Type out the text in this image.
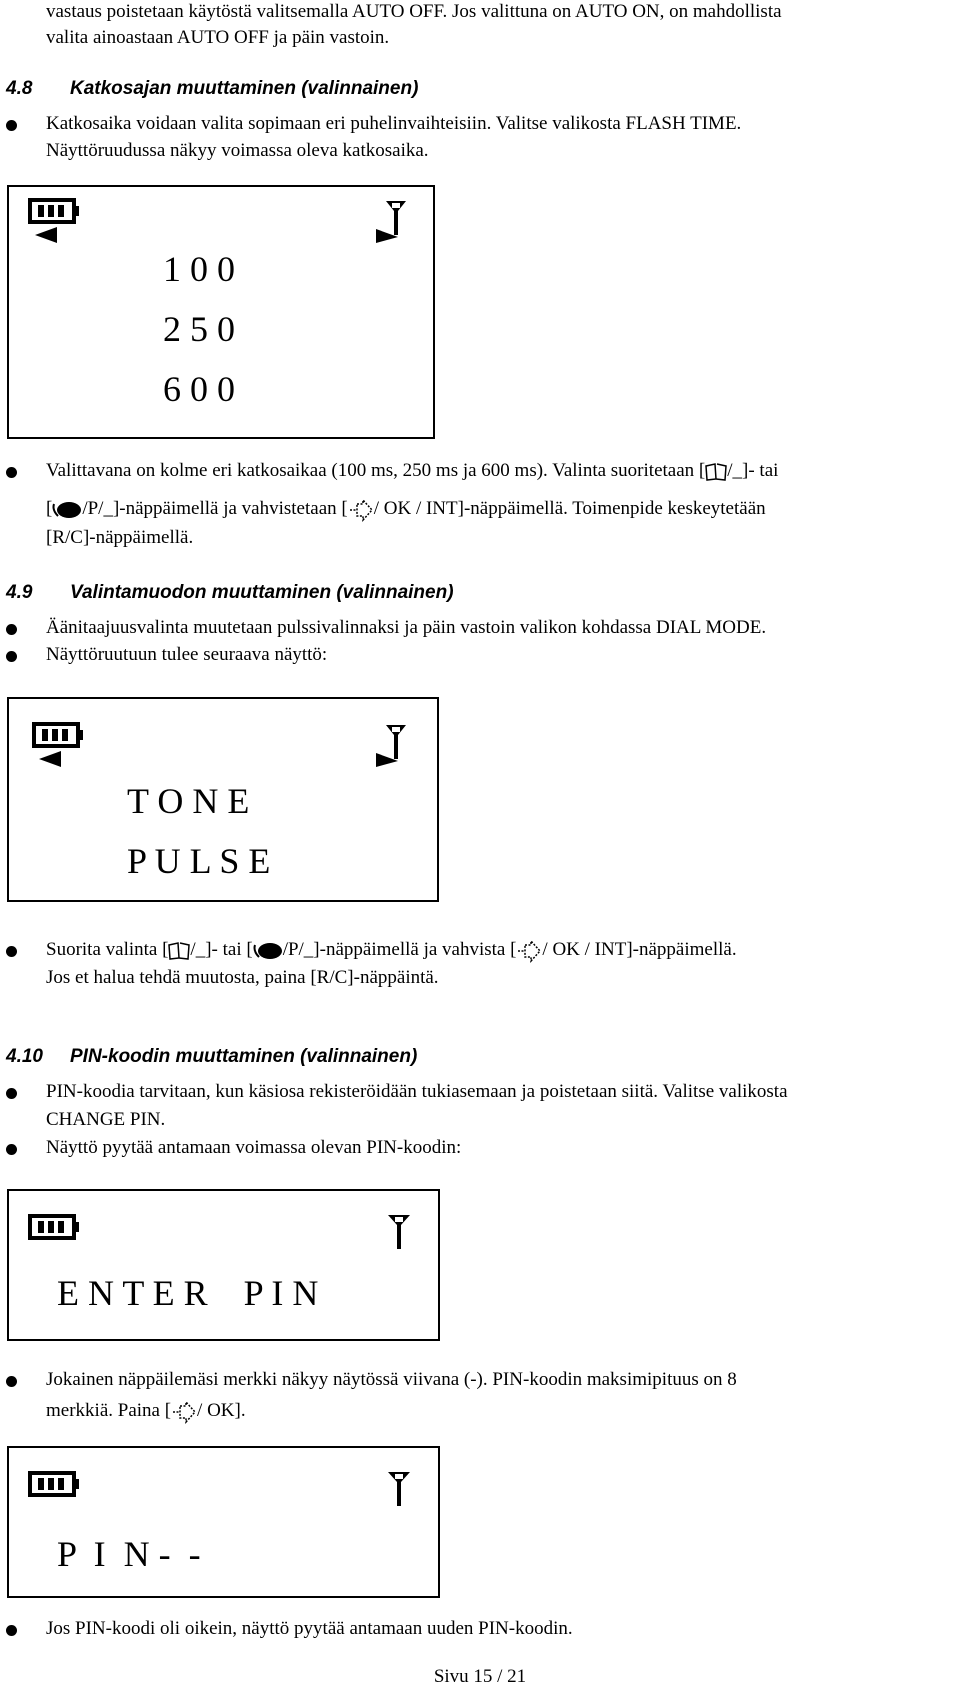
vastaus poistetaan käytöstä valitsemalla AUTO OFF. Jos valittuna on AUTO ON, on mahdollista
valita ainoastaan AUTO OFF ja päin vastoin.
4.8 Katkosajan muuttaminen (valinnainen)
Katkosaika voidaan valita sopimaan eri puhelinvaihteisiin. Valitse valikosta FLASH TIME.
Näyttöruudussa näkyy voimassa oleva katkosaika.
1 0 0
2 5 0
6 0 0
Valittavana on kolme eri katkosaikaa (100 ms, 250 ms ja 600 ms). Valinta suoritetaan [ /_]- tai
[ /P/_]-näppäimellä ja vahvistetaan [ / OK / INT]-näppäimellä. Toimenpide keskeytetään
[R/C]-näppäimellä.
4.9 Valintamuodon muuttaminen (valinnainen)
Äänitaajuusvalinta muutetaan pulssivalinnaksi ja päin vastoin valikon kohdassa DIAL MODE.
Näyttöruutuun tulee seuraava näyttö:
T O N E
P U L S E
Suorita valinta [ /_]- tai [ /P/_]-näppäimellä ja vahvista [ / OK / INT]-näppäimellä.
Jos et halua tehdä muutosta, paina [R/C]-näppäintä.
4.10 PIN-koodin muuttaminen (valinnainen)
PIN-koodia tarvitaan, kun käsiosa rekisteröidään tukiasemaan ja poistetaan siitä. Valitse valikosta
CHANGE PIN.
Näyttö pyytää antamaan voimassa olevan PIN-koodin:
E N T E R    P I N
Jokainen näppäilemäsi merkki näkyy näytössä viivana (-). PIN-koodin maksimipituus on 8
merkkiä. Paina [ / OK].
P  I  N -  -
Jos PIN-koodi oli oikein, näyttö pyytää antamaan uuden PIN-koodin.
Sivu 15 / 21
